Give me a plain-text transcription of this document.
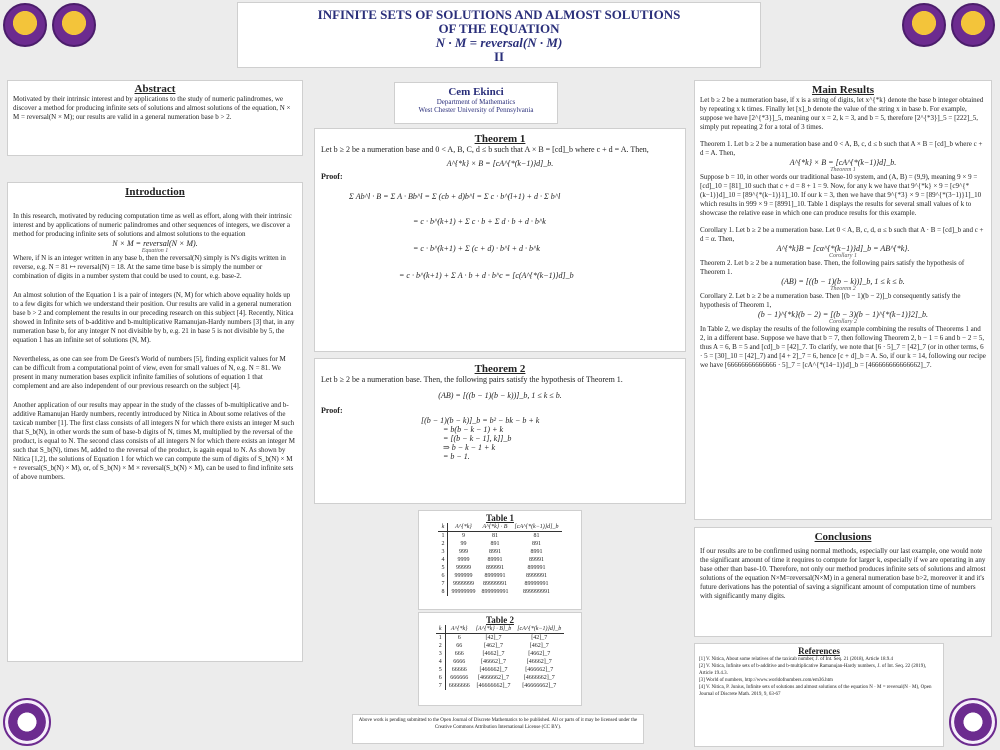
INFINITE SETS OF SOLUTIONS AND ALMOST SOLUTIONS
OF THE EQUATION
N · M = reversal(N · M)
II
Abstract
Motivated by their intrinsic interest and by applications to the study of numeric palindromes, we discover a method for producing infinite sets of solutions and almost solutions of the equation, N × M = reversal(N × M); our results are valid in a general numeration base b > 2.
Introduction
In this research, motivated by reducing computation time as well as effort, along with their intrinsic interest and by applications of numeric palindromes and other sequences of integers, we discover a method for producing infinite sets of solutions and almost solutions to the equation
N × M = reversal(N × M).
Equation 1
Where, if N is an integer written in any base b, then the reversal(N) simply is N's digits written in reverse, e.g. N = 81 ↦ reversal(N) = 18. At the same time base b is simply the number or combination of digits in a number system that could be used to count, e.g. base-2.
An almost solution of the Equation 1 is a pair of integers (N, M) for which above equality holds up to a few digits for which we understand their position. Our results are valid in a general numeration base b > 2 and complement the results in our preceding research on this subject [4]. Recently, Nitica showed in Infinite sets of b-additive and b-multiplicative Ramanujan-Hardy numbers [3] that, in any numeration base b, for any integer N not divisible by b, e.g. 21 in base 5 is not divisible by 5, the equation 1 has an infinite set of solutions (N, M).
Nevertheless, as one can see from De Geest's World of numbers [5], finding explicit values for M can be difficult from a computational point of view, even for small values of N, e.g. N = 81. We present in many numeration bases explicit infinite families of solutions of equation 1 that complement and are also independent of our previous research on the subject [4].
Another application of our results may appear in the study of the classes of b-multiplicative and b-additive Ramanujan Hardy numbers, recently introduced by Nitica in About some relatives of the taxicab number [1]. The first class consists of all integers N for which there exists an integer M such that S_b(N), in other words the sum of base-b digits of N, times M, multiplied by the reversal of the product, is equal to N. The second class consists of all integers N for which there exists an integer M such that S_b(N), times M, added to the reversal of the product, is again equal to N. As shown by Nitica [1,2], the solutions of Equation 1 for which we can compute the sum of digits of S_b(N) × M + reversal(S_b(N) × M), or, of S_b(N) × M × reversal(S_b(N) × M), can be used to find infinite sets of above numbers.
Cem Ekinci
Department of Mathematics
West Chester University of Pennsylvania
Theorem 1
Let b ≥ 2 be a numeration base and 0 < A, B, C, d ≤ b such that A × B = [cd]_b where c + d = A. Then,
A^{*k} × B = [cA^{*(k−1)}d]_b.
Proof:
Σ Ab^l · B = Σ A · Bb^l = Σ (cb + d)b^l = Σ c · b^(l+1) + d · Σ b^l
= c · b^(k+1) + Σ c · b + Σ d · b + d · b^k
= c · b^(k+1) + Σ (c + d) · b^l + d · b^k
= c · b^(k+1) + Σ A · b + d · b^c = [c(A^{*(k−1)}d]_b
Theorem 2
Let b ≥ 2 be a numeration base. Then, the following pairs satisfy the hypothesis of Theorem 1.
(AB) = [((b − 1)(b − k))]_b, 1 ≤ k ≤ b.
Proof:
[(b − 1)(b − k)]_b = b² − bk − b + k
= b(b − k − 1) + k
= [(b − k − 1], k]]_b
⇒ b − k − 1 + k
= b − 1.
Table 1
k	A^{*k}	A^{*k} · B	[cA^{*(k−1)}d]_b
1	9	81	81
2	99	891	891
3	999	8991	8991
4	9999	89991	89991
5	99999	899991	899991
6	999999	8999991	8999991
7	9999999	89999991	89999991
8	99999999	899999991	899999991
Table 2
k	A^{*k}	[A^{*k} · B]_b	[cA^{*(k−1)}d]_b
1	6	[42]_7	[42]_7
2	66	[462]_7	[462]_7
3	666	[4662]_7	[4662]_7
4	6666	[46662]_7	[46662]_7
5	66666	[466662]_7	[466662]_7
6	666666	[4666662]_7	[4666662]_7
7	6666666	[46666662]_7	[46666662]_7
Above work is pending submitted to the Open Journal of Discrete Mathematics to be published. All or parts of it may be licensed under the Creative Commons Attribution International License (CC BY).
Main Results
Let b ≥ 2 be a numeration base, if x is a string of digits, let x^{*k} denote the base b integer obtained by repeating x k times. Finally let [x]_b denote the value of the string x in base b. For example, suppose we have [2^{*3}]_5, meaning our x = 2, k = 3, and b = 5, therefore [2^{*3}]_5 = [222]_5, simply put repeating 2 for a total of 3 times.
Theorem 1. Let b ≥ 2 be a numeration base and 0 < A, B, c, d ≤ b such that A × B = [cd]_b where c + d = A. Then,
A^{*k} × B = [cA^{*(k−1)}d]_b.
Theorem 1
Suppose b = 10, in other words our traditional base-10 system, and (A, B) = (9,9), meaning 9 × 9 = [cd]_10 = [81]_10 such that c + d = 8 + 1 = 9. Now, for any k we have that 9^{*k} × 9 = [c9^{*(k−1)}d]_10 = [89^{*(k−1)}1]_10. If our k = 3, then we have that 9^{*3} × 9 = [89^{*(3−1)}1]_10 which results in 999 × 9 = [8991]_10. Table 1 displays the results for several small values of k to showcase the relative ease in which one can produce results for this example.
Corollary 1. Let b ≥ 2 be a numeration base. Let 0 < A, B, c, d, α ≤ b such that A · B = [cd]_b and c + d = α. Then,
A^{*k}B = [cα^{*(k−1)}d]_b = AB^{*k}.
Corollary 1
Theorem 2. Let b ≥ 2 be a numeration base. Then, the following pairs satisfy the hypothesis of Theorem 1.
(AB) = [((b − 1)(b − k))]_b, 1 ≤ k ≤ b.
Theorem 2
Corollary 2. Let b ≥ 2 be a numeration base. Then [(b − 1)(b − 2)]_b consequently satisfy the hypothesis of Theorem 1,
(b − 1)^{*k}(b − 2) = [(b − 3)(b − 1)^{*(k−1)}2]_b.
Corollary 2
In Table 2, we display the results of the following example combining the results of Theorems 1 and 2, in a different base. Suppose we have that b = 7, then following Theorem 2, b − 1 = 6 and b − 2 = 5, thus A = 6, B = 5 and [cd]_b = [42]_7. To clarify, we note that [6 · 5]_7 = [42]_7 (or in other terms, 6 · 5 = [30]_10 = [42]_7) and [4 + 2]_7 = 6, hence [c + d]_b = A. So, if our k = 14, following our recipe we have [66666666666666 · 5]_7 = [cA^{*(14−1)}d]_b = [466666666666662]_7.
Conclusions
If our results are to be confirmed using normal methods, especially our last example, one would note the significant amount of time it requires to compute for larger k, especially if we are operating in any base other than base-10. Therefore, not only our method produces infinite sets of solutions and almost solutions of the equation N×M=reversal(N×M) in a general numeration base b>2, moreover it and it's future derivations has the potential of saving a significant amount of computation time of numbers with significantly many digits.
References
[1] V. Nitica, About some relatives of the taxicab number, J. of Int. Seq. 21 (2018), Article 18.9.4
[2] V. Nitica, Infinite sets of b-additive and b-multiplicative Ramanujan-Hardy numbers, J. of Int. Seq. 22 (2019), Article 19.4.3.
[3] World of numbers, http://www.worldofnumbers.com/em36.htm
[4] V. Nitica, P. Junius, Infinite sets of solutions and almost solutions of the equation N · M = reversal(N · M), Open Journal of Discrete Math. 2019, 9, 63-67
